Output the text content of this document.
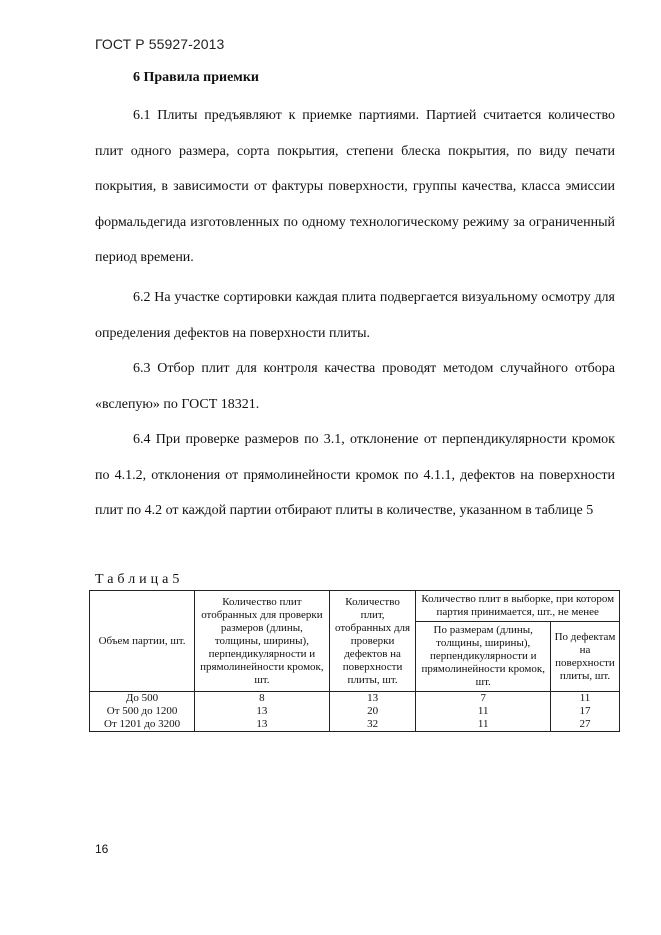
ГОСТ Р 55927-2013
6 Правила приемки

6.1 Плиты предъявляют к приемке партиями. Партией считается количество плит одного размера, сорта покрытия, степени блеска покрытия, по виду печати покрытия, в зависимости от фактуры поверхности, группы качества, класса эмиссии формальдегида изготовленных по одному технологическому режиму за ограниченный период времени.

6.2 На участке сортировки каждая плита подвергается визуальному осмотру для определения дефектов на поверхности плиты.

6.3 Отбор плит для контроля качества проводят методом случайного отбора «вслепую» по ГОСТ 18321.

6.4 При проверке размеров по 3.1, отклонение от перпендикулярности кромок по 4.1.2, отклонения от прямолинейности кромок по 4.1.1, дефектов на поверхности плит по 4.2 от каждой партии отбирают плиты в количестве, указанном в таблице 5

Таблица5
Объем партии, шт.	Количество плит отобранных для проверки размеров (длины, толщины, ширины), перпендикулярности и прямолинейности кромок, шт.	Количество плит, отобранных для проверки дефектов на поверхности плиты, шт.	Количество плит в выборке, при котором партия принимается, шт., не менее	
			По размерам (длины, толщины, ширины), перпендикулярности и прямолинейности кромок, шт.	По дефектам на поверхности плиты, шт.
До 500	8	13	7	11
От 500 до 1200	13	20	11	17
От 1201 до 3200	13	32	11	27
16
